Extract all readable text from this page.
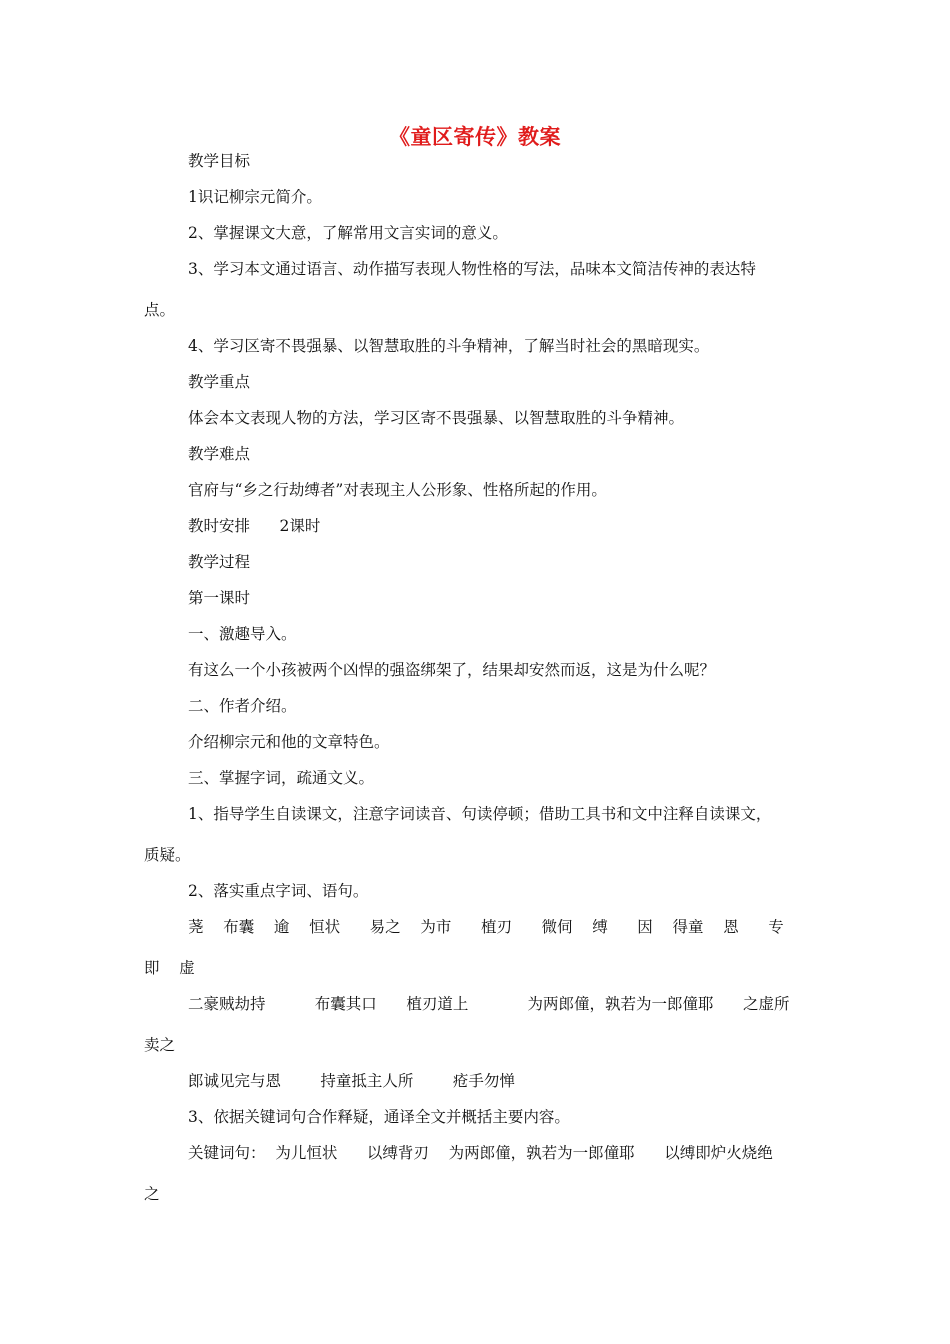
《童区寄传》教案
教学目标
1识记柳宗元简介。
2、掌握课文大意，了解常用文言实词的意义。
3、学习本文通过语言、动作描写表现人物性格的写法，品味本文简洁传神的表达特
点。
4、学习区寄不畏强暴、以智慧取胜的斗争精神，了解当时社会的黑暗现实。
教学重点
体会本文表现人物的方法，学习区寄不畏强暴、以智慧取胜的斗争精神。
教学难点
官府与“乡之行劫缚者”对表现主人公形象、性格所起的作用。
教时安排      2课时
教学过程
第一课时
一、激趣导入。
有这么一个小孩被两个凶悍的强盗绑架了，结果却安然而返，这是为什么呢？
二、作者介绍。
介绍柳宗元和他的文章特色。
三、掌握字词，疏通文义。
1、指导学生自读课文，注意字词读音、句读停顿；借助工具书和文中注释自读课文，
质疑。
2、落实重点字词、语句。
荛    布囊    逾    恒状      易之    为市      植刃      微伺    缚      因    得童    恩      专
即    虚
二豪贼劫持          布囊其口      植刃道上            为两郎僮，孰若为一郎僮耶      之虚所
卖之
郎诚见完与恩        持童抵主人所        疮手勿惮
3、依据关键词句合作释疑，通译全文并概括主要内容。
关键词句：  为儿恒状      以缚背刃    为两郎僮，孰若为一郎僮耶      以缚即炉火烧绝
之
